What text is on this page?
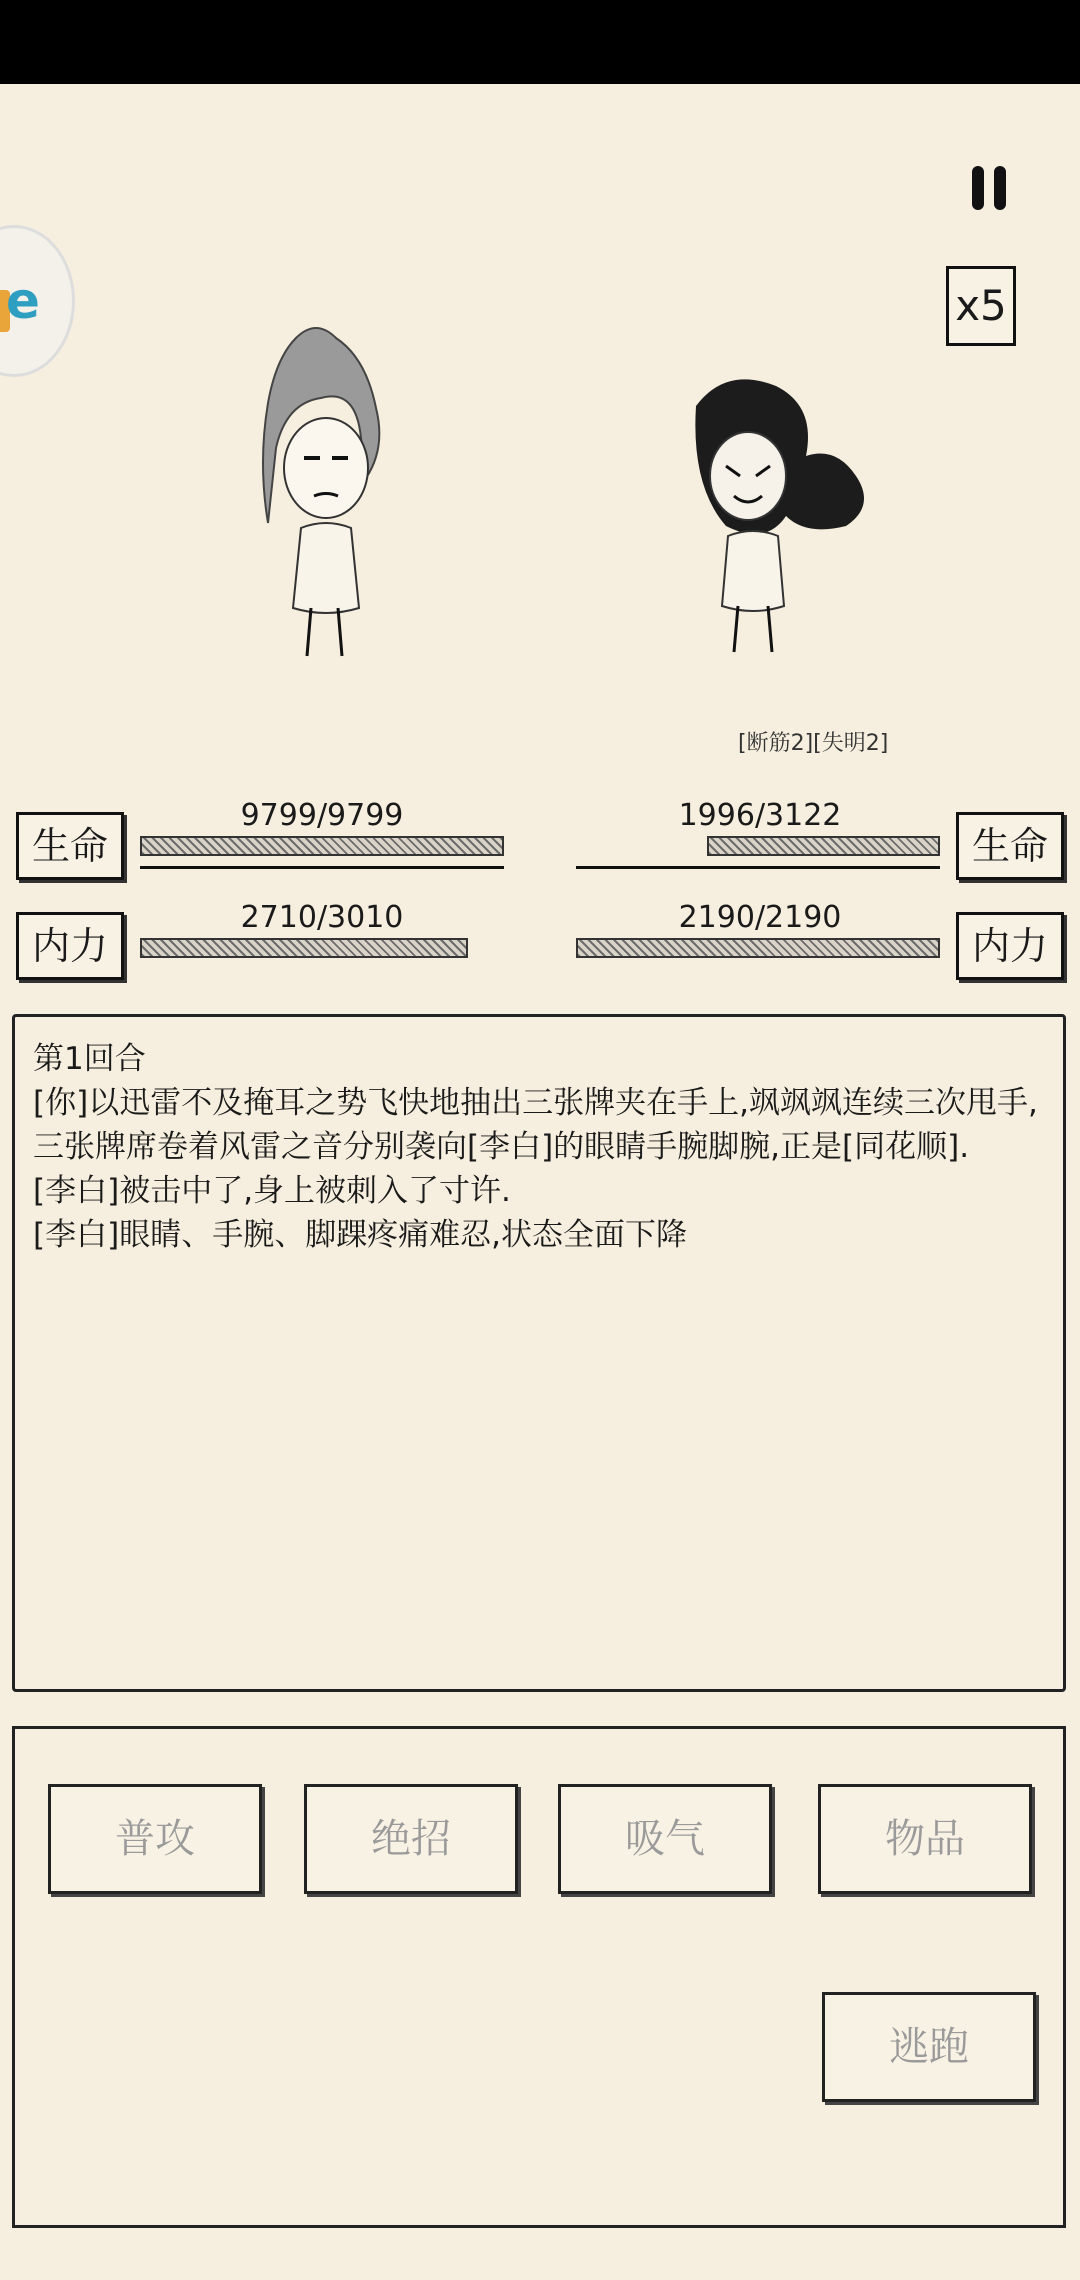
e	x5
[断筋2][失明2]
生命
9799/9799
内力
2710/3010
生命
1996/3122
内力
2190/2190
第1回合
[你]以迅雷不及掩耳之势飞快地抽出三张牌夹在手上,飒飒飒连续三次甩手,三张牌席卷着风雷之音分别袭向[李白]的眼睛手腕脚腕,正是[同花顺].
[李白]被击中了,身上被刺入了寸许.
[李白]眼睛、手腕、脚踝疼痛难忍,状态全面下降
普攻	绝招	吸气	物品
逃跑
